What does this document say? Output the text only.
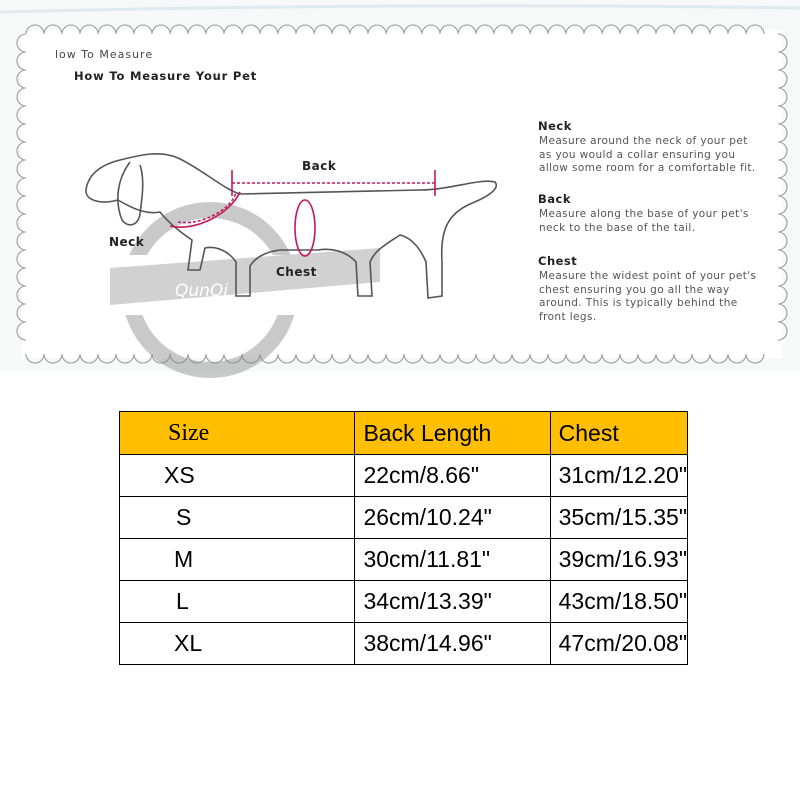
QunQi
low To Measure
How To Measure Your Pet
Back
Neck
Chest
Neck
Measure around the neck of your pet as you would a collar ensuring you allow some room for a comfortable fit.
Back
Measure along the base of your pet's neck to the base of the tail.
Chest
Measure the widest point of your pet's chest ensuring you go all the way around. This is typically behind the front legs.
Size	Back Length	Chest
XS	22cm/8.66"	31cm/12.20"
S	26cm/10.24"	35cm/15.35"
M	30cm/11.81"	39cm/16.93"
L	34cm/13.39"	43cm/18.50"
XL	38cm/14.96"	47cm/20.08"
